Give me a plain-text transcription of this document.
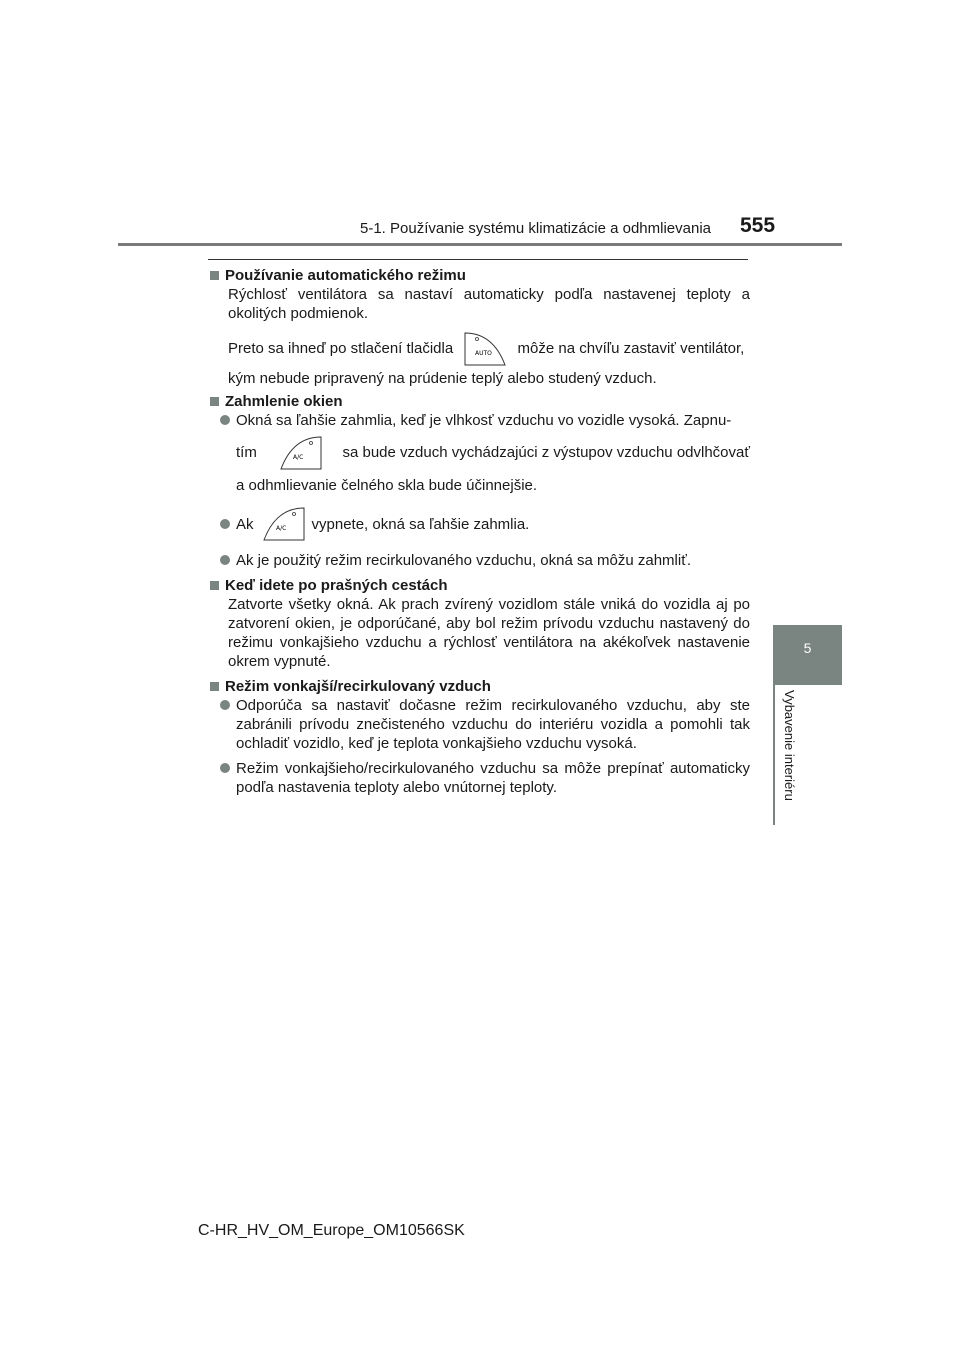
5-1. Používanie systému klimatizácie a odhmlievania 555
5
Vybavenie interiéru
Používanie automatického režimu

Rýchlosť ventilátora sa nastaví automaticky podľa nastavenej teploty a okolitých podmienok.

Preto sa ihneď po stlačení tlačidla	AUTO môže na chvíľu zastaviť ventilátor,

kým nebude pripravený na prúdenie teplý alebo studený vzduch.

Zahmlenie okien
Okná sa ľahšie zahmlia, keď je vlhkosť vzduchu vo vozidle vysoká. Zapnu-

tím	A/C	sa bude vzduch vychádzajúci z výstupov vzduchu odvlhčovať
a odhmlievanie čelného skla bude účinnejšie.
Ak	A/C vypnete, okná sa ľahšie zahmlia.
Ak je použitý režim recirkulovaného vzduchu, okná sa môžu zahmliť.
Keď idete po prašných cestách

Zatvorte všetky okná. Ak prach zvírený vozidlom stále vniká do vozidla aj po zatvorení okien, je odporúčané, aby bol režim prívodu vzduchu nastavený do režimu vonkajšieho vzduchu a rýchlosť ventilátora na akékoľvek nastavenie okrem vypnuté.

Režim vonkajší/recirkulovaný vzduch
Odporúča sa nastaviť dočasne režim recirkulovaného vzduchu, aby ste zabránili prívodu znečisteného vzduchu do interiéru vozidla a pomohli tak ochladiť vozidlo, keď je teplota vonkajšieho vzduchu vysoká.
Režim vonkajšieho/recirkulovaného vzduchu sa môže prepínať automaticky podľa nastavenia teploty alebo vnútornej teploty.
C-HR_HV_OM_Europe_OM10566SK
